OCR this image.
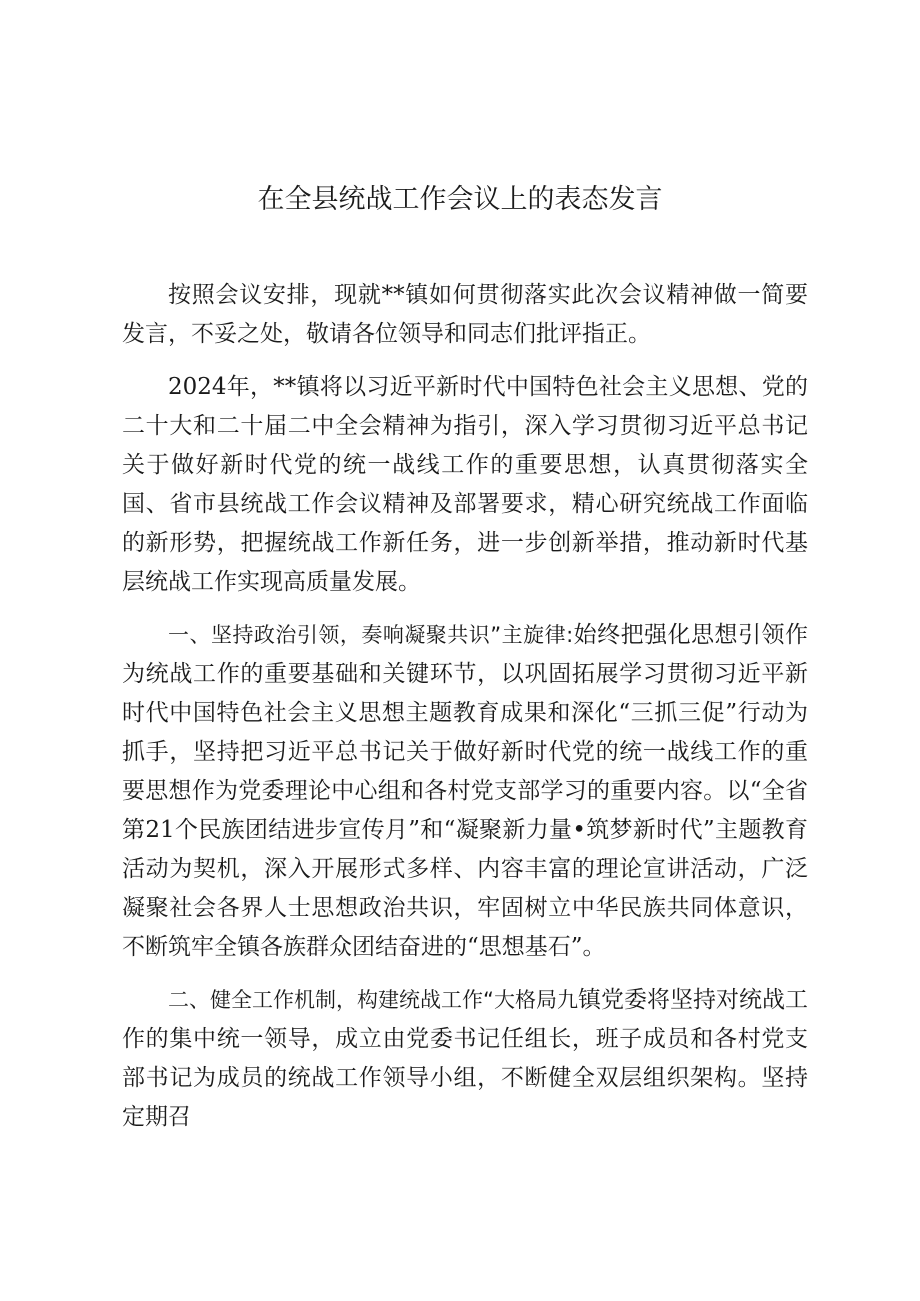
在全县统战工作会议上的表态发言

按照会议安排，现就**镇如何贯彻落实此次会议精神做一简要发言，不妥之处，敬请各位领导和同志们批评指正。

2024年，**镇将以习近平新时代中国特色社会主义思想、党的二十大和二十届二中全会精神为指引，深入学习贯彻习近平总书记关于做好新时代党的统一战线工作的重要思想，认真贯彻落实全国、省市县统战工作会议精神及部署要求，精心研究统战工作面临的新形势，把握统战工作新任务，进一步创新举措，推动新时代基层统战工作实现高质量发展。

一、坚持政治引领，奏响凝聚共识”主旋律:始终把强化思想引领作为统战工作的重要基础和关键环节，以巩固拓展学习贯彻习近平新时代中国特色社会主义思想主题教育成果和深化“三抓三促”行动为抓手，坚持把习近平总书记关于做好新时代党的统一战线工作的重要思想作为党委理论中心组和各村党支部学习的重要内容。以“全省第21个民族团结进步宣传月”和“凝聚新力量•筑梦新时代”主题教育活动为契机，深入开展形式多样、内容丰富的理论宣讲活动，广泛凝聚社会各界人士思想政治共识，牢固树立中华民族共同体意识，不断筑牢全镇各族群众团结奋进的“思想基石”。

二、健全工作机制，构建统战工作“大格局九镇党委将坚持对统战工作的集中统一领导，成立由党委书记任组长，班子成员和各村党支部书记为成员的统战工作领导小组，不断健全双层组织架构。坚持定期召
